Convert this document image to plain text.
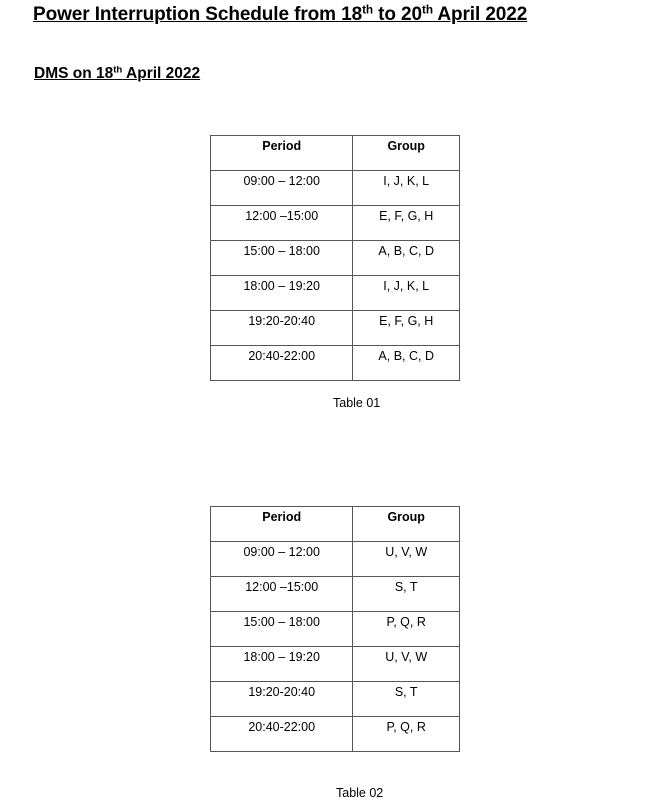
Power Interruption Schedule from 18th to 20th April 2022
DMS on 18th April 2022
Period	Group
09:00 – 12:00	I, J, K, L
12:00 –15:00	E, F, G, H
15:00 – 18:00	A, B, C, D
18:00 – 19:20	I, J, K, L
19:20-20:40	E, F, G, H
20:40-22:00	A, B, C, D
Table 01
Period	Group
09:00 – 12:00	U, V, W
12:00 –15:00	S, T
15:00 – 18:00	P, Q, R
18:00 – 19:20	U, V, W
19:20-20:40	S, T
20:40-22:00	P, Q, R
Table 02
